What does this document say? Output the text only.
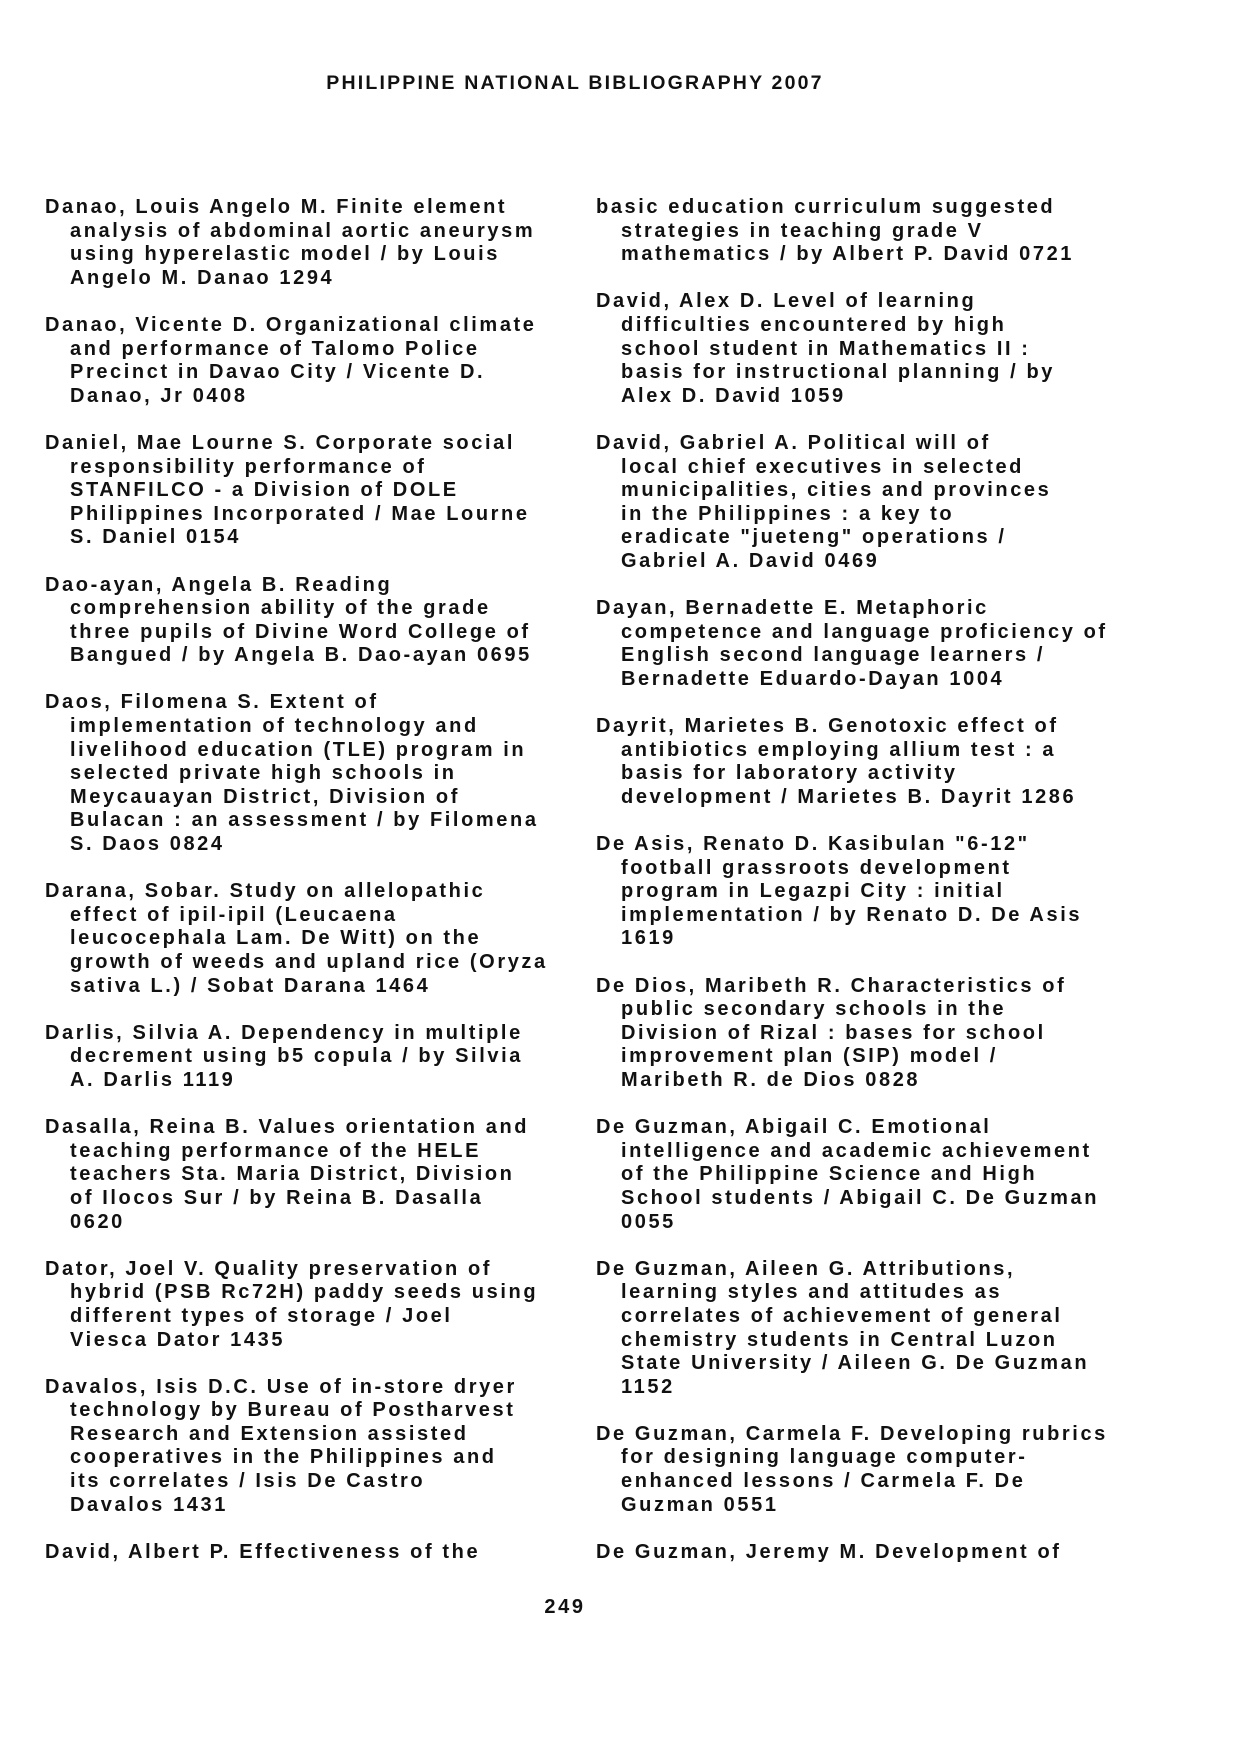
PHILIPPINE NATIONAL BIBLIOGRAPHY 2007
Danao, Louis Angelo M. Finite element
analysis of abdominal aortic aneurysm
using hyperelastic model / by Louis
Angelo M. Danao 1294
Danao, Vicente D. Organizational climate
and performance of Talomo Police
Precinct in Davao City / Vicente D.
Danao, Jr 0408
Daniel, Mae Lourne S. Corporate social
responsibility performance of
STANFILCO - a Division of DOLE
Philippines Incorporated / Mae Lourne
S. Daniel 0154
Dao-ayan, Angela B. Reading
comprehension ability of the grade
three pupils of Divine Word College of
Bangued / by Angela B. Dao-ayan 0695
Daos, Filomena S. Extent of
implementation of technology and
livelihood education (TLE) program in
selected private high schools in
Meycauayan District, Division of
Bulacan : an assessment / by Filomena
S. Daos 0824
Darana, Sobar. Study on allelopathic
effect of ipil-ipil (Leucaena
leucocephala Lam. De Witt) on the
growth of weeds and upland rice (Oryza
sativa L.) / Sobat Darana 1464
Darlis, Silvia A. Dependency in multiple
decrement using b5 copula / by Silvia
A. Darlis 1119
Dasalla, Reina B. Values orientation and
teaching performance of the HELE
teachers Sta. Maria District, Division
of Ilocos Sur / by Reina B. Dasalla
0620
Dator, Joel V. Quality preservation of
hybrid (PSB Rc72H) paddy seeds using
different types of storage / Joel
Viesca Dator 1435
Davalos, Isis D.C. Use of in-store dryer
technology by Bureau of Postharvest
Research and Extension assisted
cooperatives in the Philippines and
its correlates / Isis De Castro
Davalos 1431
David, Albert P. Effectiveness of the
basic education curriculum suggested
strategies in teaching grade V
mathematics / by Albert P. David 0721
David, Alex D. Level of learning
difficulties encountered by high
school student in Mathematics II :
basis for instructional planning / by
Alex D. David 1059
David, Gabriel A. Political will of
local chief executives in selected
municipalities, cities and provinces
in the Philippines : a key to
eradicate "jueteng" operations /
Gabriel A. David 0469
Dayan, Bernadette E. Metaphoric
competence and language proficiency of
English second language learners /
Bernadette Eduardo-Dayan 1004
Dayrit, Marietes B. Genotoxic effect of
antibiotics employing allium test : a
basis for laboratory activity
development / Marietes B. Dayrit 1286
De Asis, Renato D. Kasibulan "6-12"
football grassroots development
program in Legazpi City : initial
implementation / by Renato D. De Asis
1619
De Dios, Maribeth R. Characteristics of
public secondary schools in the
Division of Rizal : bases for school
improvement plan (SIP) model /
Maribeth R. de Dios 0828
De Guzman, Abigail C. Emotional
intelligence and academic achievement
of the Philippine Science and High
School students / Abigail C. De Guzman
0055
De Guzman, Aileen G. Attributions,
learning styles and attitudes as
correlates of achievement of general
chemistry students in Central Luzon
State University / Aileen G. De Guzman
1152
De Guzman, Carmela F. Developing rubrics
for designing language computer-
enhanced lessons / Carmela F. De
Guzman 0551
De Guzman, Jeremy M. Development of
249
